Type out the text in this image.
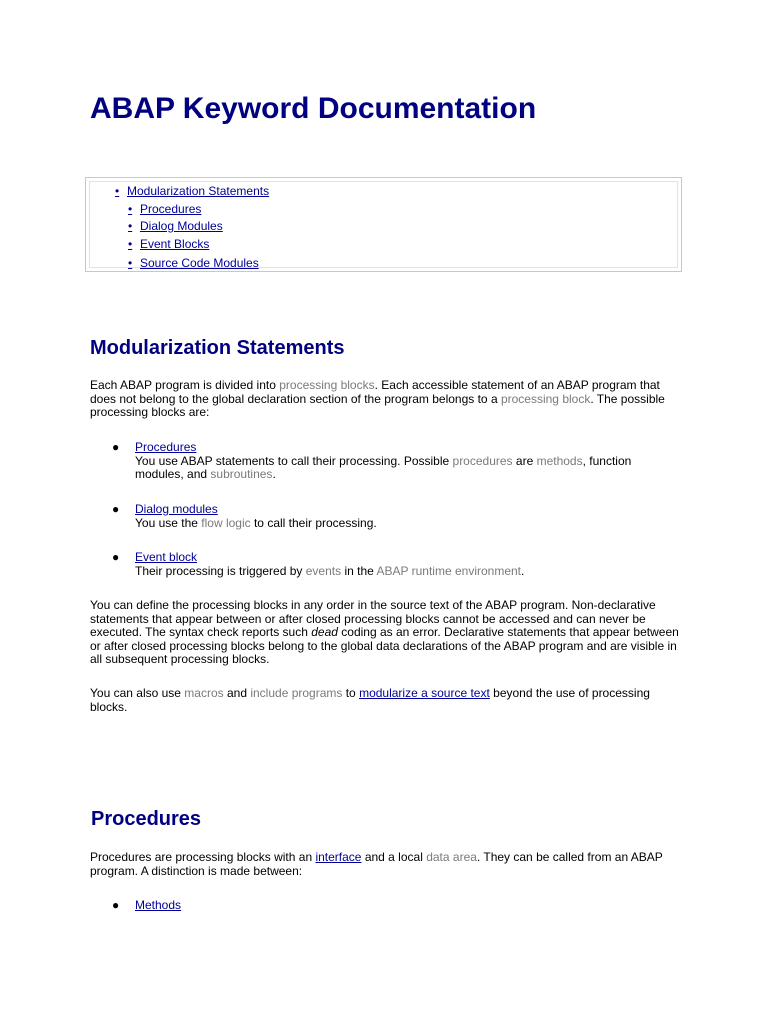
ABAP Keyword Documentation
• Modularization Statements
• Procedures
• Dialog Modules
• Event Blocks
• Source Code Modules
Modularization Statements

Each ABAP program is divided into processing blocks. Each accessible statement of an ABAP program that does not belong to the global declaration section of the program belongs to a processing block. The possible processing blocks are:

● Procedures
You use ABAP statements to call their processing. Possible procedures are methods, function modules, and subroutines.

● Dialog modules
You use the flow logic to call their processing.

● Event block
Their processing is triggered by events in the ABAP runtime environment.

You can define the processing blocks in any order in the source text of the ABAP program. Non-declarative statements that appear between or after closed processing blocks cannot be accessed and can never be executed. The syntax check reports such dead coding as an error. Declarative statements that appear between or after closed processing blocks belong to the global data declarations of the ABAP program and are visible in all subsequent processing blocks.

You can also use macros and include programs to modularize a source text beyond the use of processing blocks.

Procedures

Procedures are processing blocks with an interface and a local data area. They can be called from an ABAP program. A distinction is made between:

● Methods
